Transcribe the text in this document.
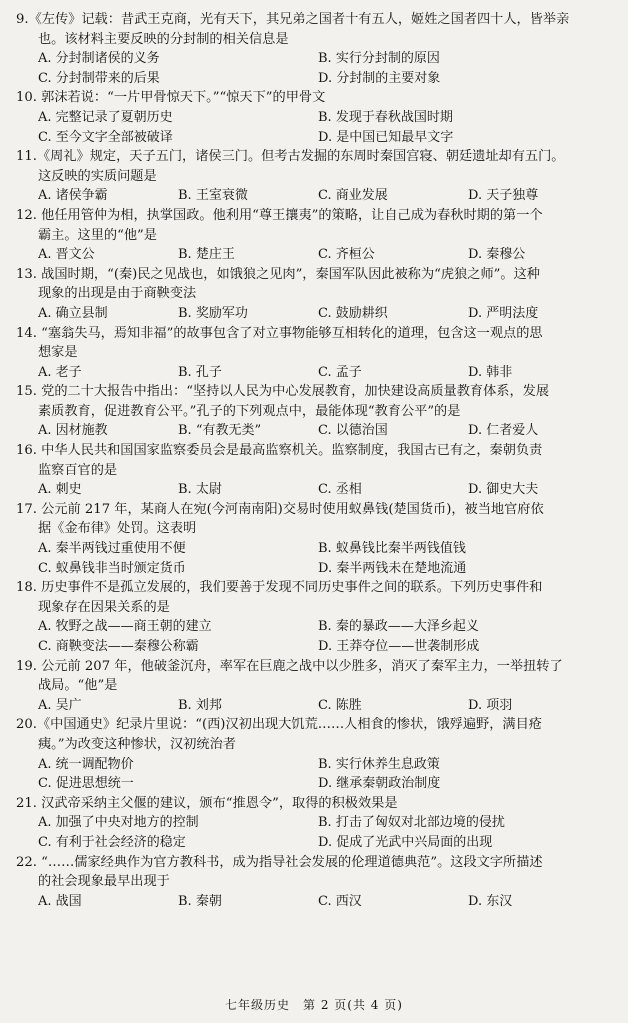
9.《左传》记载：昔武王克商，光有天下，其兄弟之国者十有五人，姬姓之国者四十人，皆举亲
也。该材料主要反映的分封制的相关信息是
A. 分封制诸侯的义务	B. 实行分封制的原因
C. 分封制带来的后果	D. 分封制的主要对象
10. 郭沫若说：“一片甲骨惊天下。”“惊天下”的甲骨文
A. 完整记录了夏朝历史	B. 发现于春秋战国时期
C. 至今文字全部被破译	D. 是中国已知最早文字
11.《周礼》规定，天子五门，诸侯三门。但考古发掘的东周时秦国宫寝、朝廷遗址却有五门。
这反映的实质问题是
A. 诸侯争霸	B. 王室衰微	C. 商业发展	D. 天子独尊
12. 他任用管仲为相，执掌国政。他利用“尊王攘夷”的策略，让自己成为春秋时期的第一个
霸主。这里的“他”是
A. 晋文公	B. 楚庄王	C. 齐桓公	D. 秦穆公
13. 战国时期，“(秦)民之见战也，如饿狼之见肉”，秦国军队因此被称为“虎狼之师”。这种
现象的出现是由于商鞅变法
A. 确立县制	B. 奖励军功	C. 鼓励耕织	D. 严明法度
14. “塞翁失马，焉知非福”的故事包含了对立事物能够互相转化的道理，包含这一观点的思
想家是
A. 老子	B. 孔子	C. 孟子	D. 韩非
15. 党的二十大报告中指出：“坚持以人民为中心发展教育，加快建设高质量教育体系，发展
素质教育，促进教育公平。”孔子的下列观点中，最能体现“教育公平”的是
A. 因材施教	B. “有教无类”	C. 以德治国	D. 仁者爱人
16. 中华人民共和国国家监察委员会是最高监察机关。监察制度，我国古已有之，秦朝负责
监察百官的是
A. 刺史	B. 太尉	C. 丞相	D. 御史大夫
17. 公元前 217 年，某商人在宛(今河南南阳)交易时使用蚁鼻钱(楚国货币)，被当地官府依
据《金布律》处罚。这表明
A. 秦半两钱过重使用不便	B. 蚁鼻钱比秦半两钱值钱
C. 蚁鼻钱非当时颁定货币	D. 秦半两钱未在楚地流通
18. 历史事件不是孤立发展的，我们要善于发现不同历史事件之间的联系。下列历史事件和
现象存在因果关系的是
A. 牧野之战——商王朝的建立	B. 秦的暴政——大泽乡起义
C. 商鞅变法——秦穆公称霸	D. 王莽夺位——世袭制形成
19. 公元前 207 年，他破釜沉舟，率军在巨鹿之战中以少胜多，消灭了秦军主力，一举扭转了
战局。“他”是
A. 吴广	B. 刘邦	C. 陈胜	D. 项羽
20.《中国通史》纪录片里说：“(西)汉初出现大饥荒……人相食的惨状，饿殍遍野，满目疮
痍。”为改变这种惨状，汉初统治者
A. 统一调配物价	B. 实行休养生息政策
C. 促进思想统一	D. 继承秦朝政治制度
21. 汉武帝采纳主父偃的建议，颁布“推恩令”，取得的积极效果是
A. 加强了中央对地方的控制	B. 打击了匈奴对北部边境的侵扰
C. 有利于社会经济的稳定	D. 促成了光武中兴局面的出现
22. “……儒家经典作为官方教科书，成为指导社会发展的伦理道德典范”。这段文字所描述
的社会现象最早出现于
A. 战国	B. 秦朝	C. 西汉	D. 东汉
七年级历史　第 2 页(共 4 页)
